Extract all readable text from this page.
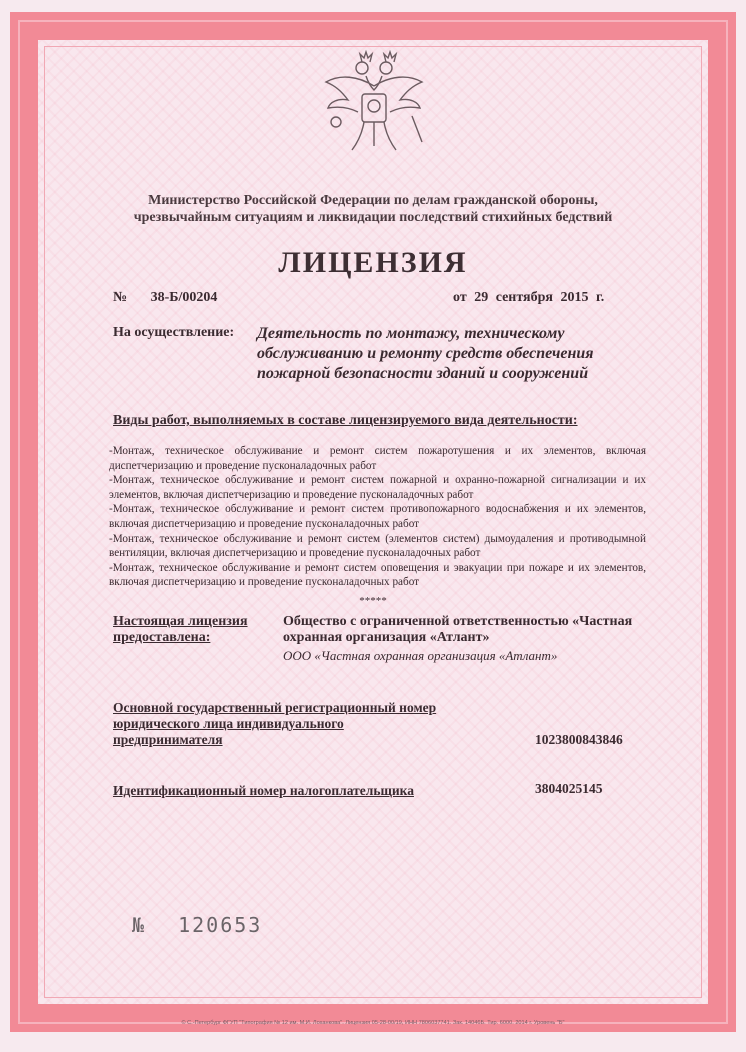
Министерство Российской Федерации по делам гражданской обороны, чрезвычайным ситуациям и ликвидации последствий стихийных бедствий
ЛИЦЕНЗИЯ
№ 38-Б/00204	от 29 сентября 2015 г.
На осуществление: Деятельность по монтажу, техническому обслуживанию и ремонту средств обеспечения пожарной безопасности зданий и сооружений
Виды работ, выполняемых в составе лицензируемого вида деятельности:
-Монтаж, техническое обслуживание и ремонт систем пожаротушения и их элементов, включая диспетчеризацию и проведение пусконаладочных работ
-Монтаж, техническое обслуживание и ремонт систем пожарной и охранно-пожарной сигнализации и их элементов, включая диспетчеризацию и проведение пусконаладочных работ
-Монтаж, техническое обслуживание и ремонт систем противопожарного водоснабжения и их элементов, включая диспетчеризацию и проведение пусконаладочных работ
-Монтаж, техническое обслуживание и ремонт систем (элементов систем) дымоудаления и противодымной вентиляции, включая диспетчеризацию и проведение пусконаладочных работ
-Монтаж, техническое обслуживание и ремонт систем оповещения и эвакуации при пожаре и их элементов, включая диспетчеризацию и проведение пусконаладочных работ
*****
Настоящая лицензия предоставлена:
Общество с ограниченной ответственностью «Частная охранная организация «Атлант»
ООО «Частная охранная организация «Атлант»
Основной государственный регистрационный номер юридического лица индивидуального предпринимателя	1023800843846
Идентификационный номер налогоплательщика	3804025145
№ 120653
© С.-Петербург ФГУП "Типография № 12 им. М.И. Лоханкова". Лицензия 05-28-00/19, ИНН 7806037741. Зак. 14046Б. Тир. 6000. 2014 г. Уровень "Б"
